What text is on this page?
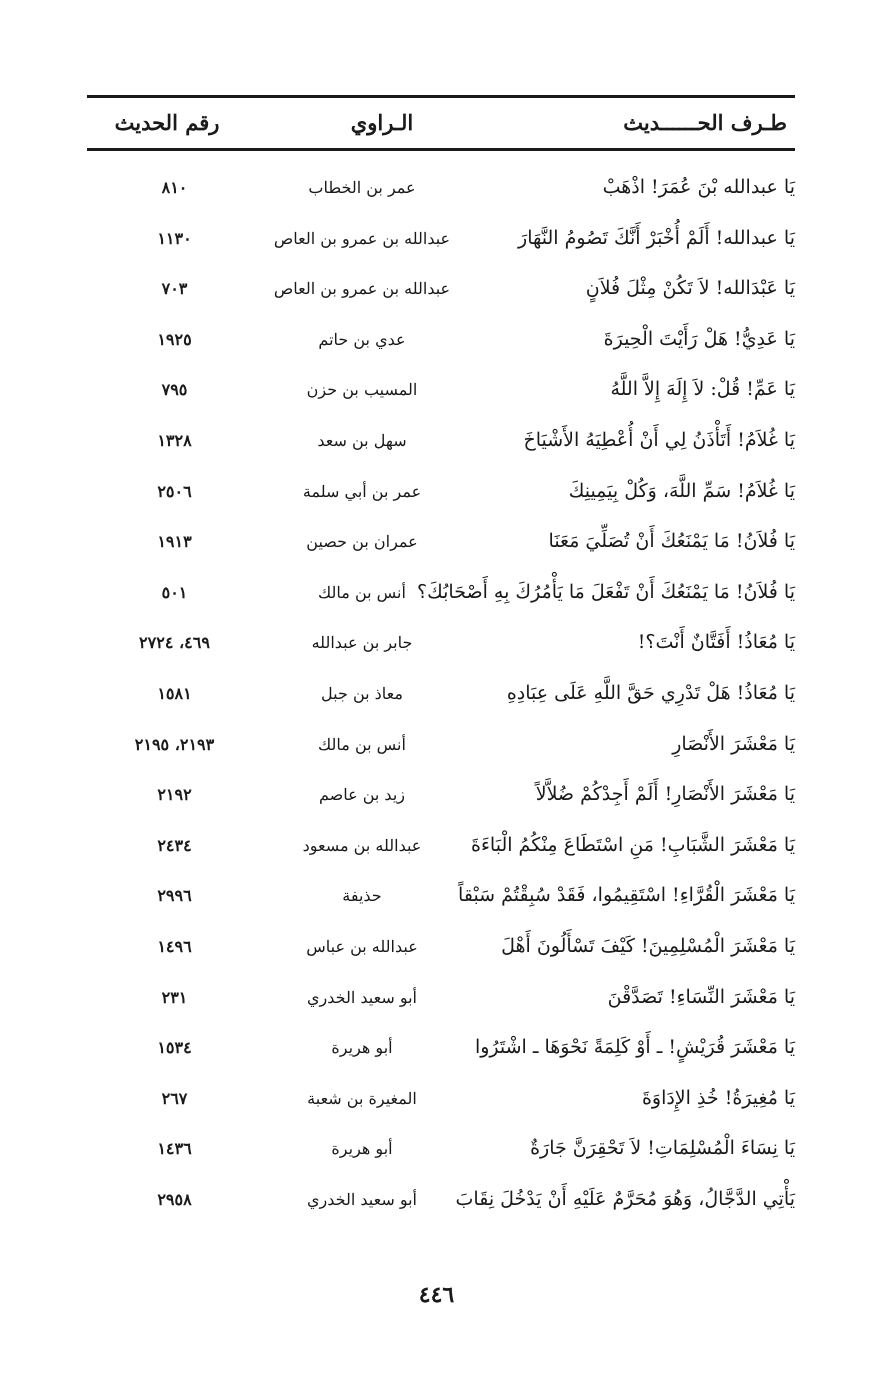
طـرف الحــــــديث
الـراوي
رقم الحديث
يَا عبدالله بْنَ عُمَرَ! اذْهَبْ
عمر بن الخطاب
٨١٠
يَا عبدالله! أَلَمْ أُخْبَرْ أَنَّكَ تَصُومُ النَّهَارَ
عبدالله بن عمرو بن العاص
١١٣٠
يَا عَبْدَالله! لاَ تَكُنْ مِثْلَ فُلاَنٍ
عبدالله بن عمرو بن العاص
٧٠٣
يَا عَدِيُّ! هَلْ رَأَيْتَ الْحِيرَةَ
عدي بن حاتم
١٩٢٥
يَا عَمِّ! قُلْ: لاَ إِلَهَ إِلاَّ اللَّهُ
المسيب بن حزن
٧٩٥
يَا غُلاَمُ! أَتَأْذَنُ لِي أَنْ أُعْطِيَهُ الأَشْيَاخَ
سهل بن سعد
١٣٢٨
يَا غُلاَمُ! سَمِّ اللَّهَ، وَكُلْ بِيَمِينِكَ
عمر بن أبي سلمة
٢٥٠٦
يَا فُلاَنُ! مَا يَمْنَعُكَ أَنْ تُصَلِّيَ مَعَنَا
عمران بن حصين
١٩١٣
يَا فُلاَنُ! مَا يَمْنَعُكَ أَنْ تَفْعَلَ مَا يَأْمُرُكَ بِهِ أَصْحَابُكَ؟
أنس بن مالك
٥٠١
يَا مُعَاذُ! أَفَتَّانٌ أَنْتَ؟!
جابر بن عبدالله
٤٦٩، ٢٧٢٤
يَا مُعَاذُ! هَلْ تَدْرِي حَقَّ اللَّهِ عَلَى عِبَادِهِ
معاذ بن جبل
١٥٨١
يَا مَعْشَرَ الأَنْصَارِ
أنس بن مالك
٢١٩٣، ٢١٩٥
يَا مَعْشَرَ الأَنْصَارِ! أَلَمْ أَجِدْكُمْ ضُلاَّلاً
زيد بن عاصم
٢١٩٢
يَا مَعْشَرَ الشَّبَابِ! مَنِ اسْتَطَاعَ مِنْكُمُ الْبَاءَةَ
عبدالله بن مسعود
٢٤٣٤
يَا مَعْشَرَ الْقُرَّاءِ! اسْتَقِيمُوا، فَقَدْ سُبِقْتُمْ سَبْقاً
حذيفة
٢٩٩٦
يَا مَعْشَرَ الْمُسْلِمِينَ! كَيْفَ تَسْأَلُونَ أَهْلَ
عبدالله بن عباس
١٤٩٦
يَا مَعْشَرَ النِّسَاءِ! تَصَدَّقْنَ
أبو سعيد الخدري
٢٣١
يَا مَعْشَرَ قُرَيْشٍ! ـ أَوْ كَلِمَةً نَحْوَهَا ـ اشْتَرُوا
أبو هريرة
١٥٣٤
يَا مُغِيرَةُ! خُذِ الإِدَاوَةَ
المغيرة بن شعبة
٢٦٧
يَا نِسَاءَ الْمُسْلِمَاتِ! لاَ تَحْقِرَنَّ جَارَةٌ
أبو هريرة
١٤٣٦
يَأْتِي الدَّجَّالُ، وَهُوَ مُحَرَّمٌ عَلَيْهِ أَنْ يَدْخُلَ نِقَابَ
أبو سعيد الخدري
٢٩٥٨
٤٤٦
